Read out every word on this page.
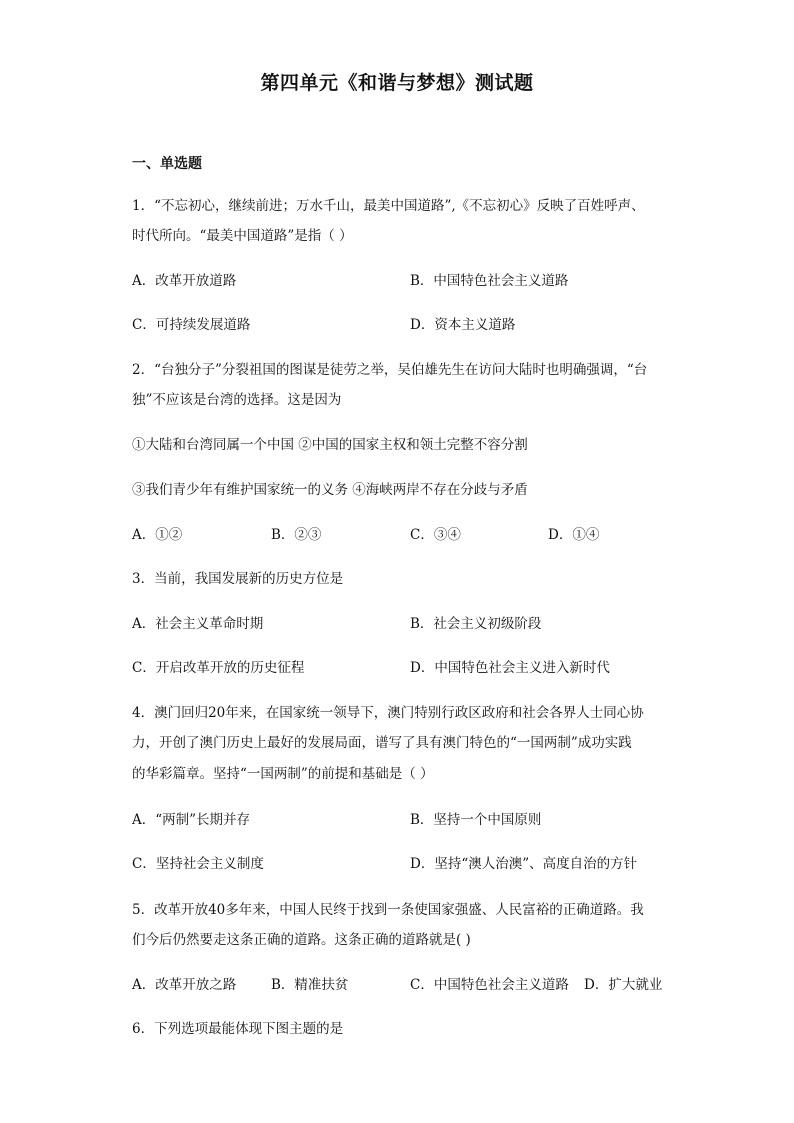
第四单元《和谐与梦想》测试题
一、单选题
1．“不忘初心，继续前进；万水千山，最美中国道路”,《不忘初心》反映了百姓呼声、
时代所向。“最美中国道路”是指（ ）
A．改革开放道路	B．中国特色社会主义道路
C．可持续发展道路	D．资本主义道路
2．“台独分子”分裂祖国的图谋是徒劳之举，吴伯雄先生在访问大陆时也明确强调，“台
独”不应该是台湾的选择。这是因为
①大陆和台湾同属一个中国 ②中国的国家主权和领土完整不容分割
③我们青少年有维护国家统一的义务 ④海峡两岸不存在分歧与矛盾
A．①②	B．②③	C．③④	D．①④
3．当前，我国发展新的历史方位是
A．社会主义革命时期	B．社会主义初级阶段
C．开启改革开放的历史征程	D．中国特色社会主义进入新时代
4．澳门回归20年来，在国家统一领导下，澳门特别行政区政府和社会各界人士同心协
力，开创了澳门历史上最好的发展局面，谱写了具有澳门特色的“一国两制”成功实践
的华彩篇章。坚持“一国两制”的前提和基础是（ ）
A．“两制”长期并存	B．坚持一个中国原则
C．坚持社会主义制度	D．坚持“澳人治澳”、高度自治的方针
5．改革开放40多年来，中国人民终于找到一条使国家强盛、人民富裕的正确道路。我
们今后仍然要走这条正确的道路。这条正确的道路就是( )
A．改革开放之路	B．精准扶贫	C．中国特色社会主义道路 D．扩大就业
6．下列选项最能体现下图主题的是
